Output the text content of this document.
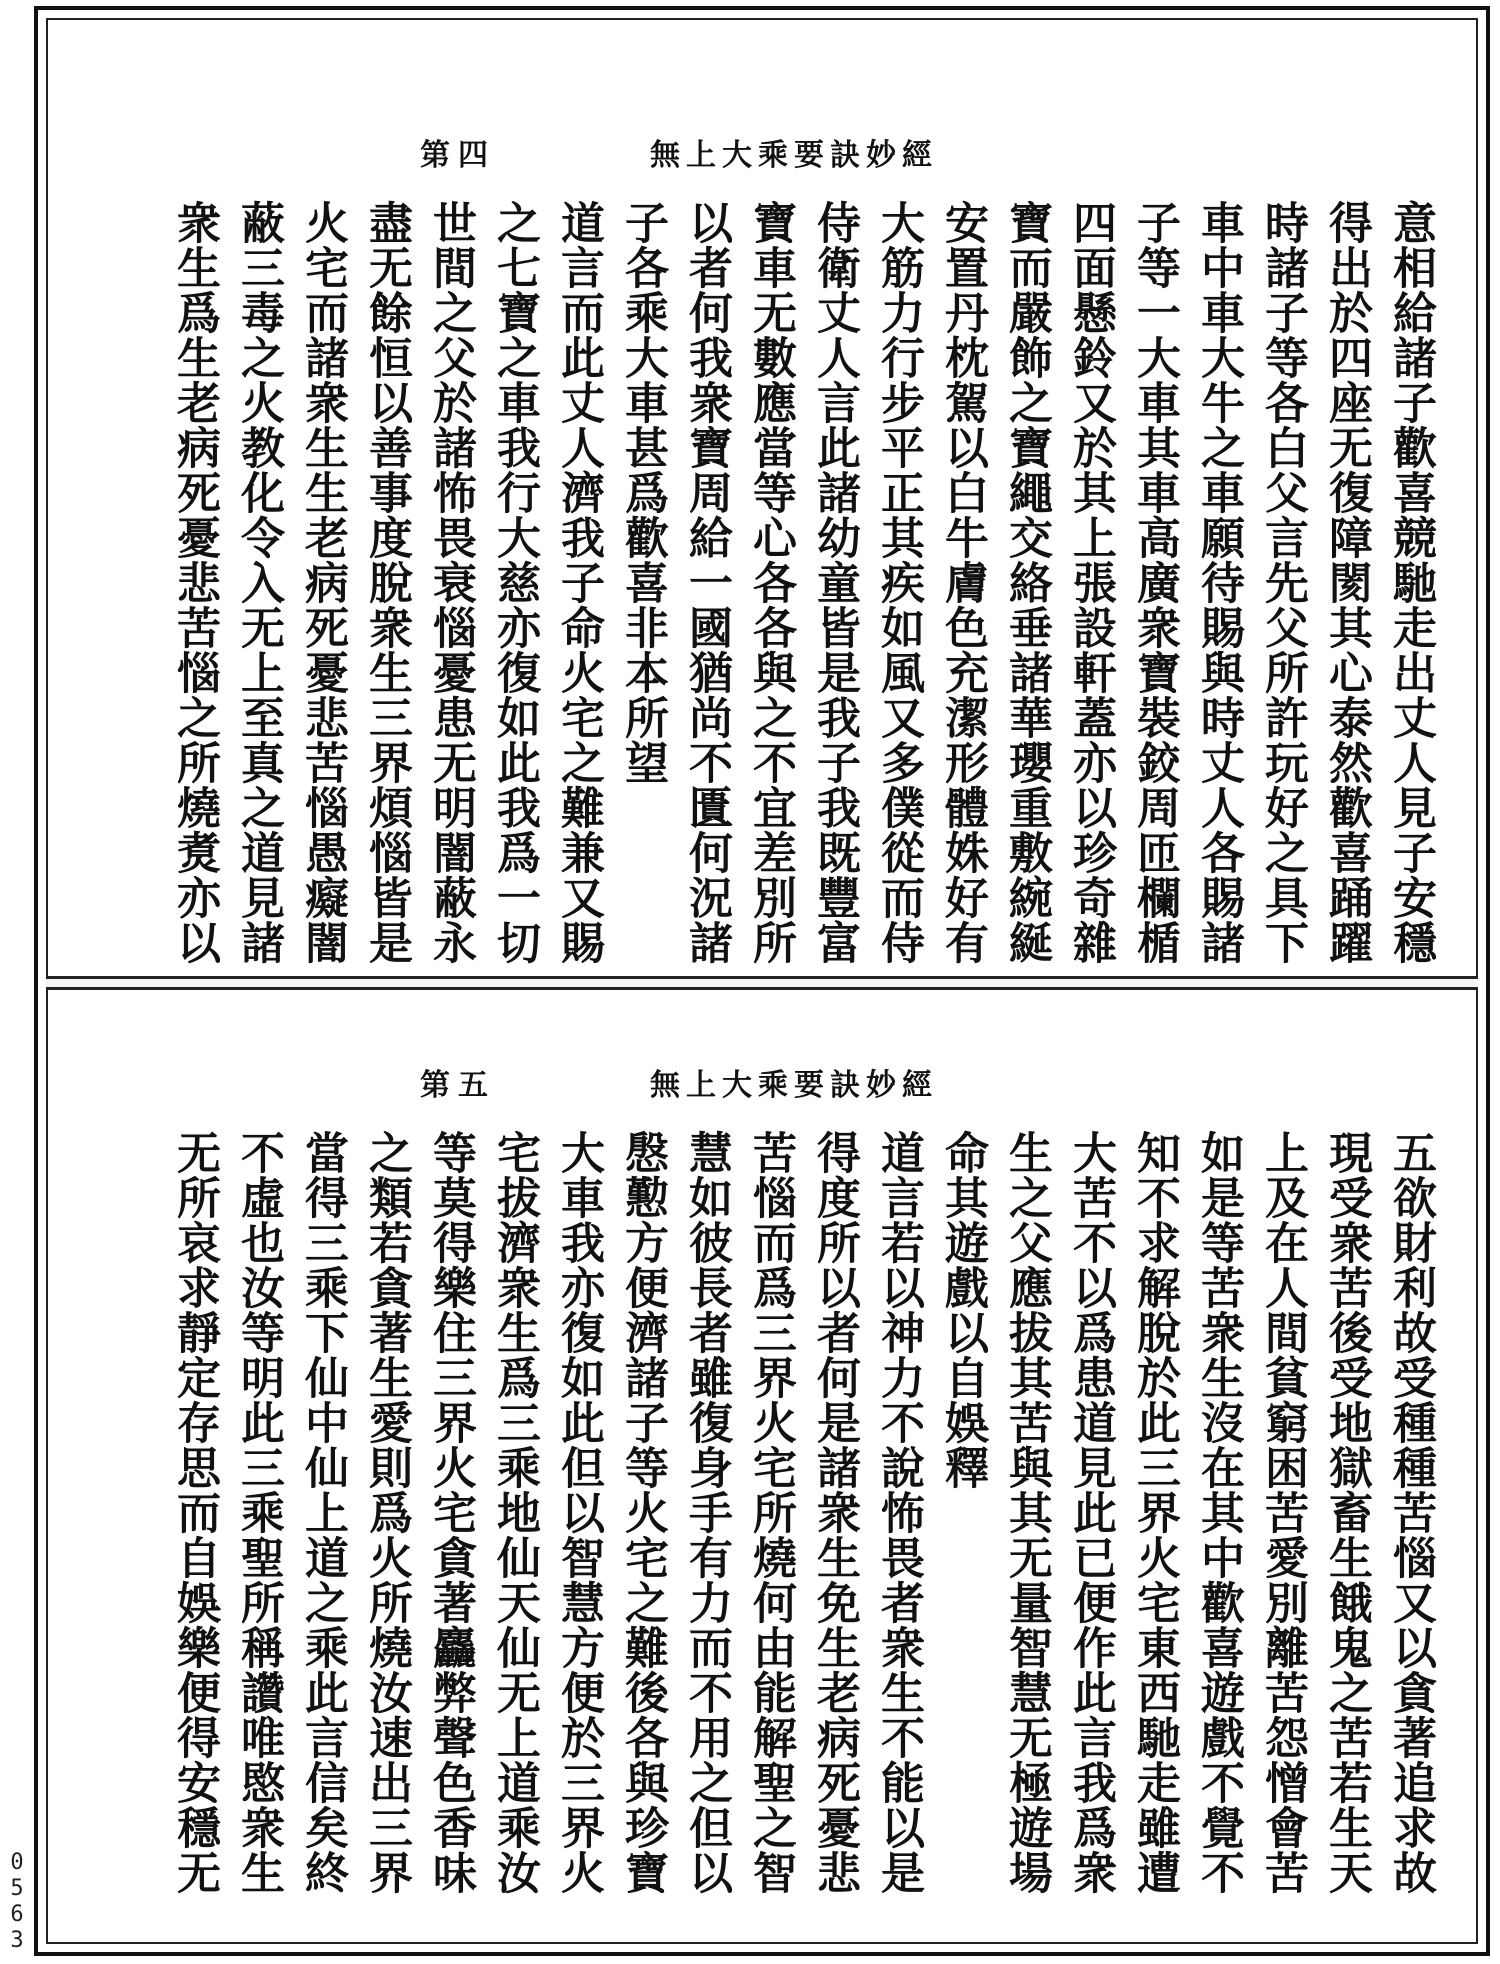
無上大乘要訣妙經
第四
意相給諸子歡喜競馳走出丈人見子安穩
得出於四座无復障閡其心泰然歡喜踊躍
時諸子等各白父言先父所許玩好之具下
車中車大牛之車願待賜與時丈人各賜諸
子等一大車其車高廣衆寶裝鉸周匝欄楯
四面懸鈴又於其上張設軒蓋亦以珍奇雜
寶而嚴飾之寶繩交絡垂諸華瓔重敷綩綖
安置丹枕駕以白牛膚色充潔形體姝好有
大筋力行步平正其疾如風又多僕從而侍
侍衛丈人言此諸幼童皆是我子我既豐富
寶車无數應當等心各各與之不宜差別所
以者何我衆寶周給一國猶尚不匱何況諸
子各乘大車甚爲歡喜非本所望
道言而此丈人濟我子命火宅之難兼又賜
之七寶之車我行大慈亦復如此我爲一切
世間之父於諸怖畏衰惱憂患无明闇蔽永
盡无餘恒以善事度脫衆生三界煩惱皆是
火宅而諸衆生生老病死憂悲苦惱愚癡闇
蔽三毒之火教化令入无上至真之道見諸
衆生爲生老病死憂悲苦惱之所燒煑亦以
無上大乘要訣妙經
第五
五欲財利故受種種苦惱又以貪著追求故
現受衆苦後受地獄畜生餓鬼之苦若生天
上及在人間貧窮困苦愛別離苦怨憎會苦
如是等苦衆生沒在其中歡喜遊戲不覺不
知不求解脫於此三界火宅東西馳走雖遭
大苦不以爲患道見此已便作此言我爲衆
生之父應拔其苦與其无量智慧无極遊場
命其遊戲以自娛釋
道言若以神力不說怖畏者衆生不能以是
得度所以者何是諸衆生免生老病死憂悲
苦惱而爲三界火宅所燒何由能解聖之智
慧如彼長者雖復身手有力而不用之但以
慇懃方便濟諸子等火宅之難後各與珍寶
大車我亦復如此但以智慧方便於三界火
宅拔濟衆生爲三乘地仙天仙无上道乘汝
等莫得樂住三界火宅貪著麤弊聲色香味
之類若貪著生愛則爲火所燒汝速出三界
當得三乘下仙中仙上道之乘此言信矣終
不虛也汝等明此三乘聖所稱讚唯愍衆生
无所哀求靜定存思而自娛樂便得安穩无
0
5
6
3
